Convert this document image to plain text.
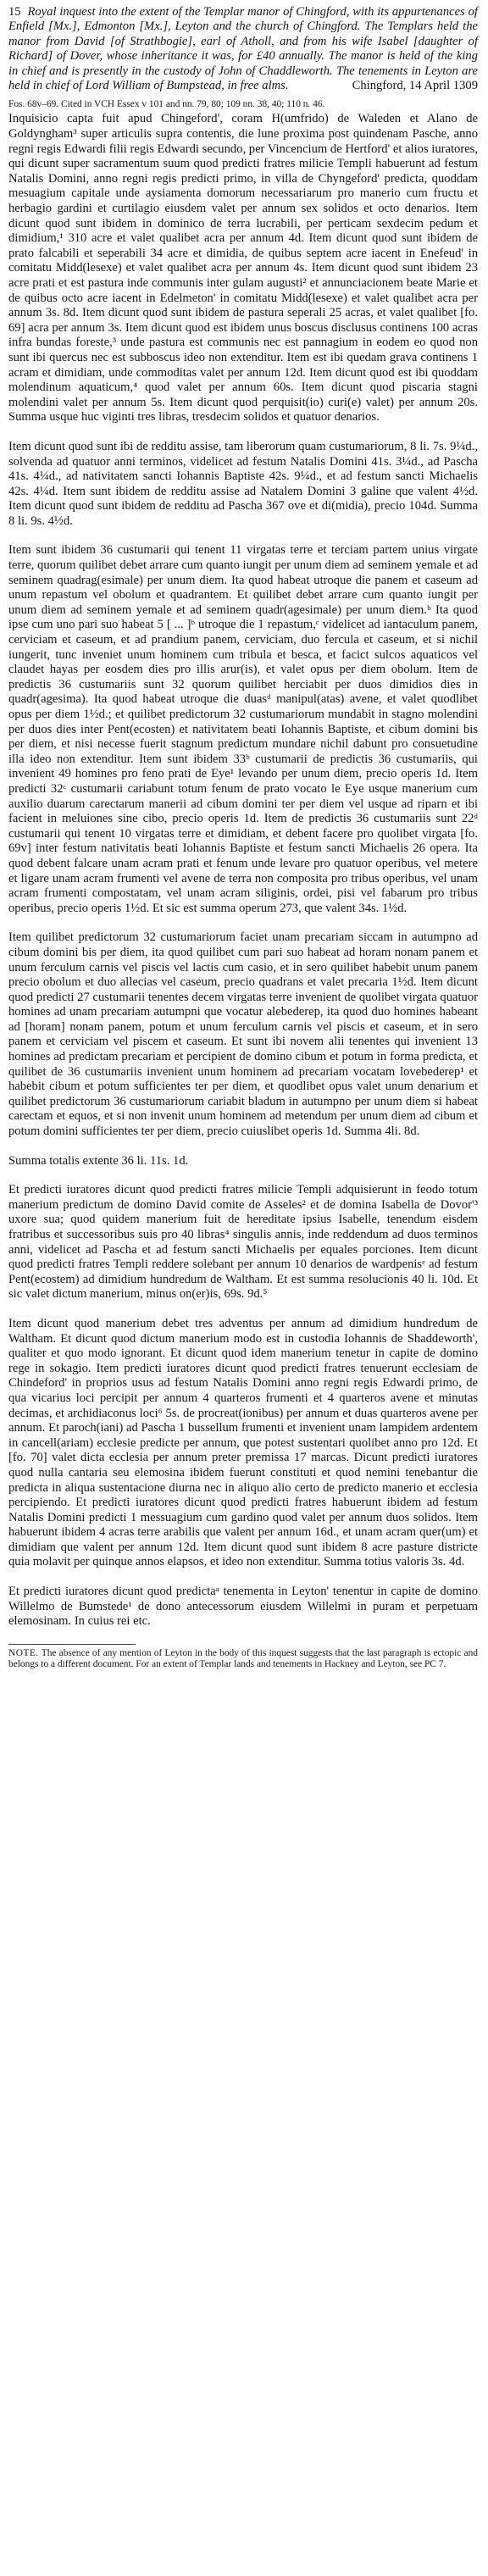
15 Royal inquest into the extent of the Templar manor of Chingford, with its appurtenances of Enfield [Mx.], Edmonton [Mx.], Leyton and the church of Chingford. The Templars held the manor from David [of Strathbogie], earl of Atholl, and from his wife Isabel [daughter of Richard] of Dover, whose inheritance it was, for £40 annually. The manor is held of the king in chief and is presently in the custody of John of Chaddleworth. The tenements in Leyton are held in chief of Lord William of Bumpstead, in free alms.	Chingford, 14 April 1309
Fos. 68v–69. Cited in VCH Essex v 101 and nn. 79, 80; 109 nn. 38, 40; 110 n. 46.

Inquisicio capta fuit apud Chingeford', coram H(umfrido) de Waleden et Alano de Goldyngham³ super articulis supra contentis, die lune proxima post quindenam Pasche, anno regni regis Edwardi filii regis Edwardi secundo, per Vincencium de Hertford' et alios iuratores, qui dicunt super sacramentum suum quod predicti fratres milicie Templi habuerunt ad festum Natalis Domini, anno regni regis predicti primo, in villa de Chyngeford' predicta, quoddam mesuagium capitale unde aysiamenta domorum necessariarum pro manerio cum fructu et herbagio gardini et curtilagio eiusdem valet per annum sex solidos et octo denarios. Item dicunt quod sunt ibidem in dominico de terra lucrabili, per perticam sexdecim pedum et dimidium,¹ 310 acre et valet qualibet acra per annum 4d. Item dicunt quod sunt ibidem de prato falcabili et seperabili 34 acre et dimidia, de quibus septem acre iacent in Enefeud' in comitatu Midd(lesexe) et valet qualibet acra per annum 4s. Item dicunt quod sunt ibidem 23 acre prati et est pastura inde communis inter gulam augusti² et annunciacionem beate Marie et de quibus octo acre iacent in Edelmeton' in comitatu Midd(lesexe) et valet qualibet acra per annum 3s. 8d. Item dicunt quod sunt ibidem de pastura seperali 25 acras, et valet qualibet [fo. 69] acra per annum 3s. Item dicunt quod est ibidem unus boscus disclusus continens 100 acras infra bundas foreste,³ unde pastura est communis nec est pannagium in eodem eo quod non sunt ibi quercus nec est subboscus ideo non extenditur. Item est ibi quedam grava continens 1 acram et dimidiam, unde commoditas valet per annum 12d. Item dicunt quod est ibi quoddam molendinum aquaticum,⁴ quod valet per annum 60s. Item dicunt quod piscaria stagni molendini valet per annum 5s. Item dicunt quod perquisit(io) curi(e) valet) per annum 20s. Summa usque huc viginti tres libras, tresdecim solidos et quatuor denarios.

Item dicunt quod sunt ibi de redditu assise, tam liberorum quam custumariorum, 8 li. 7s. 9¼d., solvenda ad quatuor anni terminos, videlicet ad festum Natalis Domini 41s. 3¼d., ad Pascha 41s. 4¼d., ad nativitatem sancti Iohannis Baptiste 42s. 9¼d., et ad festum sancti Michaelis 42s. 4¼d. Item sunt ibidem de redditu assise ad Natalem Domini 3 galine que valent 4½d. Item dicunt quod sunt ibidem de redditu ad Pascha 367 ove et di(midia), precio 104d. Summa 8 li. 9s. 4½d.

Item sunt ibidem 36 custumarii qui tenent 11 virgatas terre et terciam partem unius virgate terre, quorum quilibet debet arrare cum quanto iungit per unum diem ad seminem yemale et ad seminem quadrag(esimale) per unum diem. Ita quod habeat utroque die panem et caseum ad unum repastum vel obolum et quadrantem. Et quilibet debet arrare cum quanto iungit per unum diem ad seminem yemale et ad seminem quadr(agesimale) per unum diem.ᵇ Ita quod ipse cum uno pari suo habeat 5 [ ... ]ᵇ utroque die 1 repastum,ᶜ videlicet ad iantaculum panem, cerviciam et caseum, et ad prandium panem, cerviciam, duo fercula et caseum, et si nichil iungerit, tunc inveniet unum hominem cum tribula et besca, et facict sulcos aquaticos vel claudet hayas per eosdem dies pro illis arur(is), et valet opus per diem obolum. Item de predictis 36 custumariis sunt 32 quorum quilibet herciabit per duos dimidios dies in quadr(agesima). Ita quod habeat utroque die duasᵈ manipul(atas) avene, et valet quodlibet opus per diem 1½d.; et quilibet predictorum 32 custumariorum mundabit in stagno molendini per duos dies inter Pent(ecosten) et nativitatem beati Iohannis Baptiste, et cibum domini bis per diem, et nisi necesse fuerit stagnum predictum mundare nichil dabunt pro consuetudine illa ideo non extenditur. Item sunt ibidem 33ᵇ custumarii de predictis 36 custumariis, qui invenient 49 homines pro feno prati de Eye¹ levando per unum diem, precio operis 1d. Item predicti 32ᶜ custumarii cariabunt totum fenum de prato vocato le Eye usque manerium cum auxilio duarum carectarum manerii ad cibum domini ter per diem vel usque ad riparn et ibi facient in meluiones sine cibo, precio operis 1d. Item de predictis 36 custumariis sunt 22ᵈ custumarii qui tenent 10 virgatas terre et dimidiam, et debent facere pro quolibet virgata [fo. 69v] inter festum nativitatis beati Iohannis Baptiste et festum sancti Michaelis 26 opera. Ita quod debent falcare unam acram prati et fenum unde levare pro quatuor operibus, vel metere et ligare unam acram frumenti vel avene de terra non composita pro tribus operibus, vel unam acram frumenti compostatam, vel unam acram siliginis, ordei, pisi vel fabarum pro tribus operibus, precio operis 1½d. Et sic est summa operum 273, que valent 34s. 1½d.

Item quilibet predictorum 32 custumariorum faciet unam precariam siccam in autumpno ad cibum domini bis per diem, ita quod quilibet cum pari suo habeat ad horam nonam panem et unum ferculum carnis vel piscis vel lactis cum casio, et in sero quilibet habebit unum panem precio obolum et duo allecias vel caseum, precio quadrans et valet precaria 1½d. Item dicunt quod predicti 27 custumarii tenentes decem virgatas terre invenient de quolibet virgata quatuor homines ad unam precariam autumpni que vocatur alebederep, ita quod duo homines habeant ad [horam] nonam panem, potum et unum ferculum carnis vel piscis et caseum, et in sero panem et cerviciam vel piscem et caseum. Et sunt ibi novem alii tenentes qui invenient 13 homines ad predictam precariam et percipient de domino cibum et potum in forma predicta, et quilibet de 36 custumariis invenient unum hominem ad precariam vocatam lovebederep¹ et habebit cibum et potum sufficientes ter per diem, et quodlibet opus valet unum denarium et quilibet predictorum 36 custumariorum cariabit bladum in autumpno per unum diem si habeat carectam et equos, et si non invenit unum hominem ad metendum per unum diem ad cibum et potum domini sufficientes ter per diem, precio cuiuslibet operis 1d. Summa 4li. 8d.

Summa totalis extente 36 li. 11s. 1d.

Et predicti iuratores dicunt quod predicti fratres milicie Templi adquisierunt in feodo totum manerium predictum de domino David comite de Asseles² et de domina Isabella de Dovor'³ uxore sua; quod quidem manerium fuit de hereditate ipsius Isabelle, tenendum eisdem fratribus et successoribus suis pro 40 libras⁴ singulis annis, inde reddendum ad duos terminos anni, videlicet ad Pascha et ad festum sancti Michaelis per equales porciones. Item dicunt quod predicti fratres Templi reddere solebant per annum 10 denarios de wardpenisᵉ ad festum Pent(ecostem) ad dimidium hundredum de Waltham. Et est summa resolucionis 40 li. 10d. Et sic valet dictum manerium, minus on(er)is, 69s. 9d.⁵

Item dicunt quod manerium debet tres adventus per annum ad dimidium hundredum de Waltham. Et dicunt quod dictum manerium modo est in custodia Iohannis de Shaddeworth', qualiter et quo modo ignorant. Et dicunt quod idem manerium tenetur in capite de domino rege in sokagio. Item predicti iuratores dicunt quod predicti fratres tenuerunt ecclesiam de Chindeford' in proprios usus ad festum Natalis Domini anno regni regis Edwardi primo, de qua vicarius loci percipit per annum 4 quarteros frumenti et 4 quarteros avene et minutas decimas, et archidiaconus loci⁶ 5s. de procreat(ionibus) per annum et duas quarteros avene per annum. Et paroch(iani) ad Pascha 1 bussellum frumenti et invenient unam lampidem ardentem in cancell(ariam) ecclesie predicte per annum, que potest sustentari quolibet anno pro 12d. Et [fo. 70] valet dicta ecclesia per annum preter premissa 17 marcas. Dicunt predicti iuratores quod nulla cantaria seu elemosina ibidem fuerunt constituti et quod nemini tenebantur die predicta in aliqua sustentacione diurna nec in aliquo alio certo de predicto manerio et ecclesia percipiendo. Et predicti iuratores dicunt quod predicti fratres habuerunt ibidem ad festum Natalis Domini predicti 1 messuagium cum gardino quod valet per annum duos solidos. Item habuerunt ibidem 4 acras terre arabilis que valent per annum 16d., et unam acram quer(um) et dimidiam que valent per annum 12d. Item dicunt quod sunt ibidem 8 acre pasture districte quia molavit per quinque annos elapsos, et ideo non extenditur. Summa totius valoris 3s. 4d.

Et predicti iuratores dicunt quod predictaᵃ tenementa in Leyton' tenentur in capite de domino Willelmo de Bumstede¹ de dono antecessorum eiusdem Willelmi in puram et perpetuam elemosinam. In cuius rei etc.

NOTE. The absence of any mention of Leyton in the body of this inquest suggests that the last paragraph is ectopic and belongs to a different document. For an extent of Templar lands and tenements in Hackney and Leyton, see PC 7.
